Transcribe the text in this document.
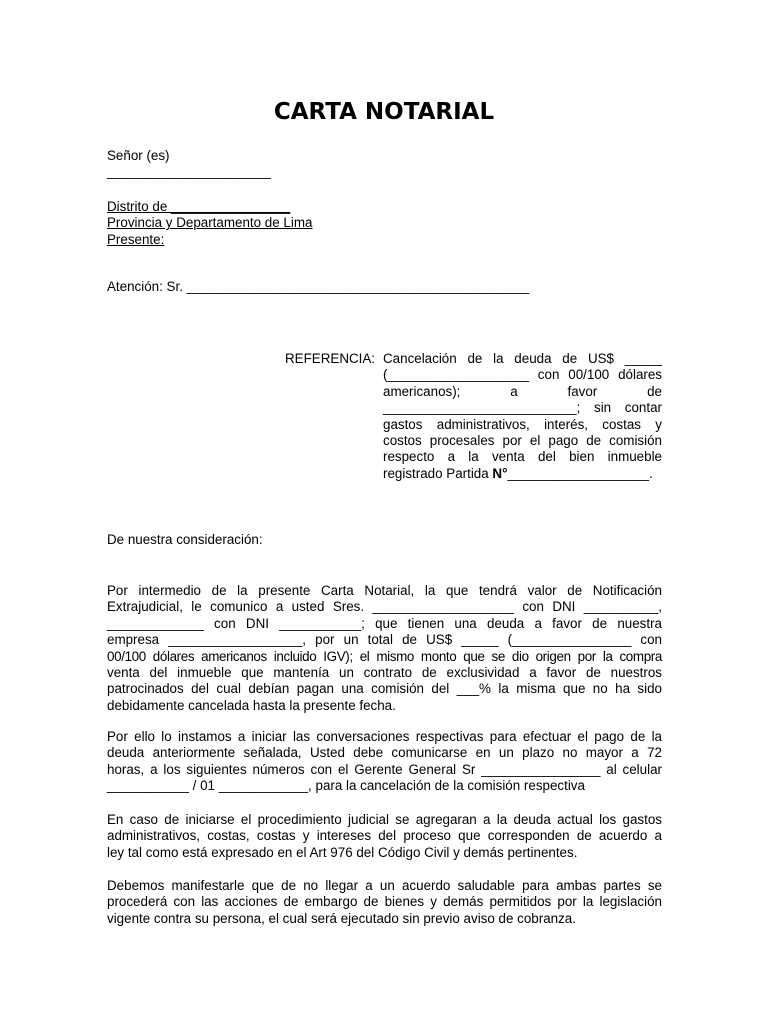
CARTA NOTARIAL
Señor (es)
______________________
Distrito de ________________
Provincia y Departamento de Lima
Presente:
Atención: Sr. ______________________________________________
REFERENCIA: Cancelación de la deuda de US$ _____
(___________________ con 00/100 dólares
americanos); a favor de
__________________________; sin contar
gastos administrativos, interés, costas y
costos procesales por el pago de comisión
respecto a la venta del bien inmueble
registrado Partida N°___________________.
De nuestra consideración:
Por intermedio de la presente Carta Notarial, la que tendrá valor de Notificación
Extrajudicial, le comunico a usted Sres. ___________________ con DNI __________,
_____________ con DNI ___________; que tienen una deuda a favor de nuestra
empresa __________________, por un total de US$ _____ (________________ con
00/100 dólares americanos incluido IGV); el mismo monto que se dio origen por la compra
venta del inmueble que mantenía un contrato de exclusividad a favor de nuestros
patrocinados del cual debían pagan una comisión del ___% la misma que no ha sido
debidamente cancelada hasta la presente fecha.
Por ello lo instamos a iniciar las conversaciones respectivas para efectuar el pago de la
deuda anteriormente señalada, Usted debe comunicarse en un plazo no mayor a 72
horas, a los siguientes números con el Gerente General Sr ________________ al celular
___________ / 01 ____________, para la cancelación de la comisión respectiva
En caso de iniciarse el procedimiento judicial se agregaran a la deuda actual los gastos
administrativos, costas, costas y intereses del proceso que corresponden de acuerdo a
ley tal como está expresado en el Art 976 del Código Civil y demás pertinentes.
Debemos manifestarle que de no llegar a un acuerdo saludable para ambas partes se
procederá con las acciones de embargo de bienes y demás permitidos por la legislación
vigente contra su persona, el cual será ejecutado sin previo aviso de cobranza.
